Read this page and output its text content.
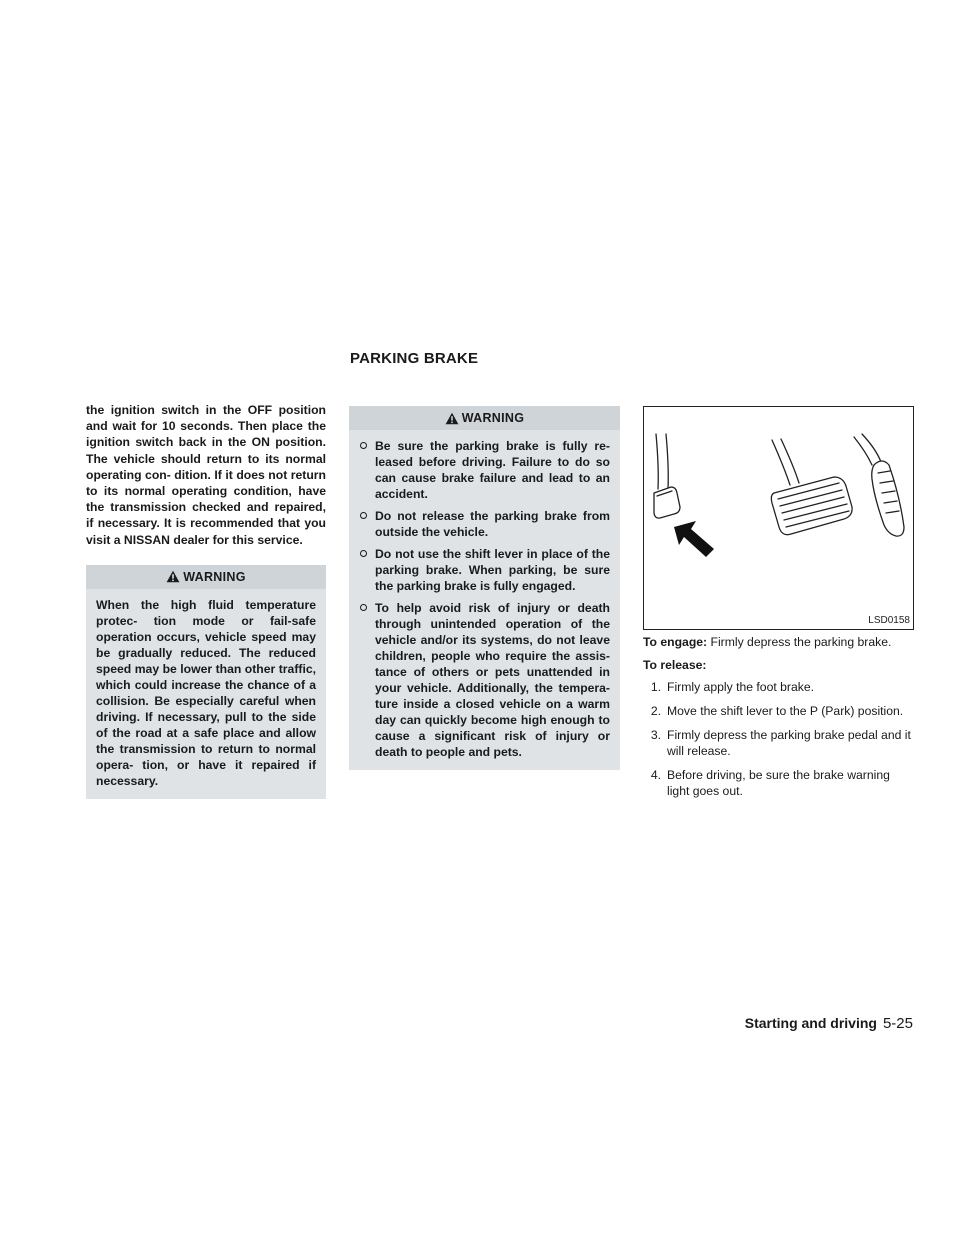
PARKING BRAKE

the ignition switch in the OFF position and wait for 10 seconds. Then place the ignition switch back in the ON position. The vehicle should return to its normal operating con- dition. If it does not return to its normal operating condition, have the transmission checked and repaired, if necessary. It is recommended that you visit a NISSAN dealer for this service.

WARNING

When the high fluid temperature protec- tion mode or fail-safe operation occurs, vehicle speed may be gradually reduced. The reduced speed may be lower than other traffic, which could increase the chance of a collision. Be especially careful when driving. If necessary, pull to the side of the road at a safe place and allow the transmission to return to normal opera- tion, or have it repaired if necessary.

WARNING
Be sure the parking brake is fully re- leased before driving. Failure to do so can cause brake failure and lead to an accident.
Do not release the parking brake from outside the vehicle.
Do not use the shift lever in place of the parking brake. When parking, be sure the parking brake is fully engaged.
To help avoid risk of injury or death through unintended operation of the vehicle and/or its systems, do not leave children, people who require the assis- tance of others or pets unattended in your vehicle. Additionally, the tempera- ture inside a closed vehicle on a warm day can quickly become high enough to cause a significant risk of injury or death to people and pets.
LSD0158

To engage: Firmly depress the parking brake.

To release:

1. Firmly apply the foot brake.
2. Move the shift lever to the P (Park) position.
3. Firmly depress the parking brake pedal and it will release.
4. Before driving, be sure the brake warning light goes out.
Starting and driving 5-25
